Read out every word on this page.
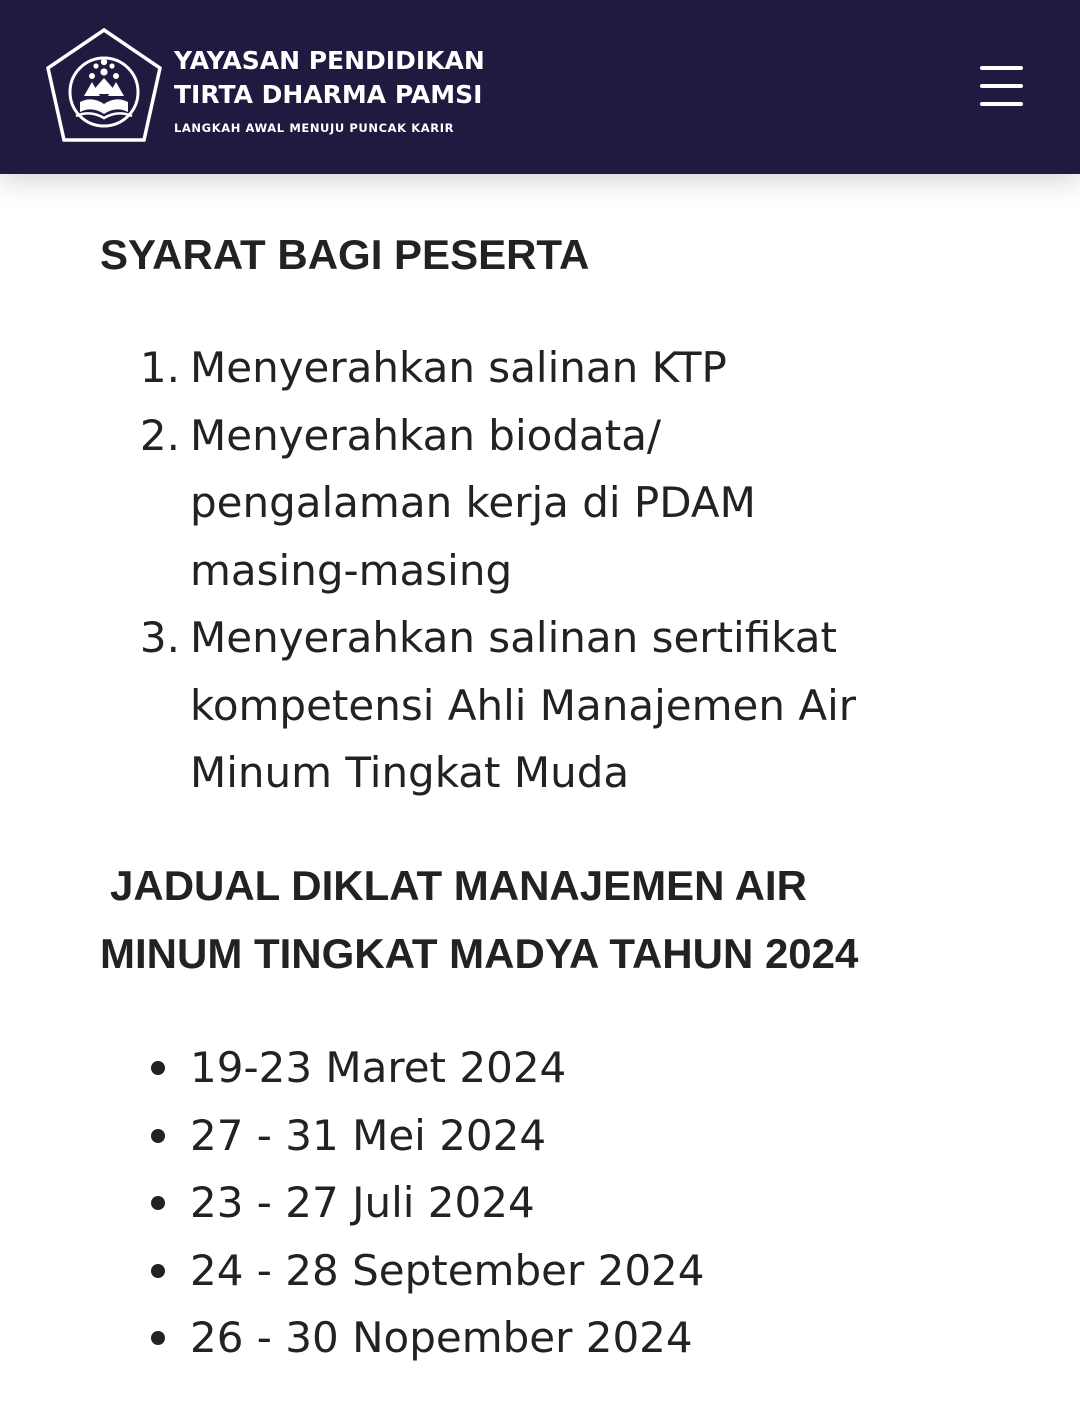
YAYASAN PENDIDIKAN
TIRTA DHARMA PAMSI
LANGKAH AWAL MENUJU PUNCAK KARIR
SYARAT BAGI PESERTA
1. Menyerahkan salinan KTP
2. Menyerahkan biodata/ pengalaman kerja di PDAM masing-masing
3. Menyerahkan salinan sertifikat kompetensi Ahli Manajemen Air Minum Tingkat Muda
JADUAL DIKLAT MANAJEMEN AIR
MINUM TINGKAT MADYA TAHUN 2024
19-23 Maret 2024
27 - 31 Mei 2024
23 - 27 Juli 2024
24 - 28 September 2024
26 - 30 Nopember 2024
